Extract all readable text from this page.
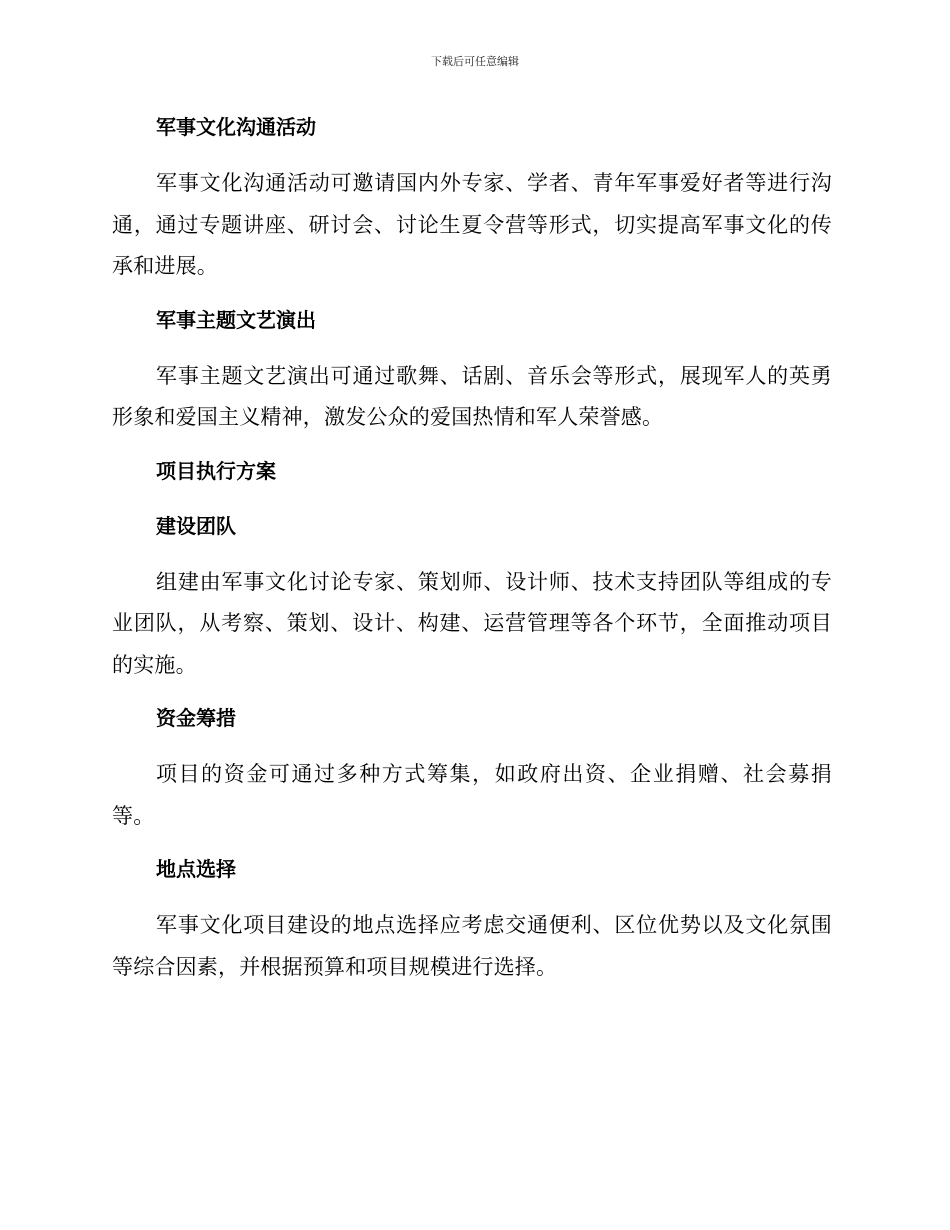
下载后可任意编辑
军事文化沟通活动

军事文化沟通活动可邀请国内外专家、学者、青年军事爱好者等进行沟通，通过专题讲座、研讨会、讨论生夏令营等形式，切实提高军事文化的传承和进展。

军事主题文艺演出

军事主题文艺演出可通过歌舞、话剧、音乐会等形式，展现军人的英勇形象和爱国主义精神，激发公众的爱国热情和军人荣誉感。

项目执行方案
建设团队

组建由军事文化讨论专家、策划师、设计师、技术支持团队等组成的专业团队，从考察、策划、设计、构建、运营管理等各个环节，全面推动项目的实施。

资金筹措

项目的资金可通过多种方式筹集，如政府出资、企业捐赠、社会募捐等。

地点选择

军事文化项目建设的地点选择应考虑交通便利、区位优势以及文化氛围等综合因素，并根据预算和项目规模进行选择。
